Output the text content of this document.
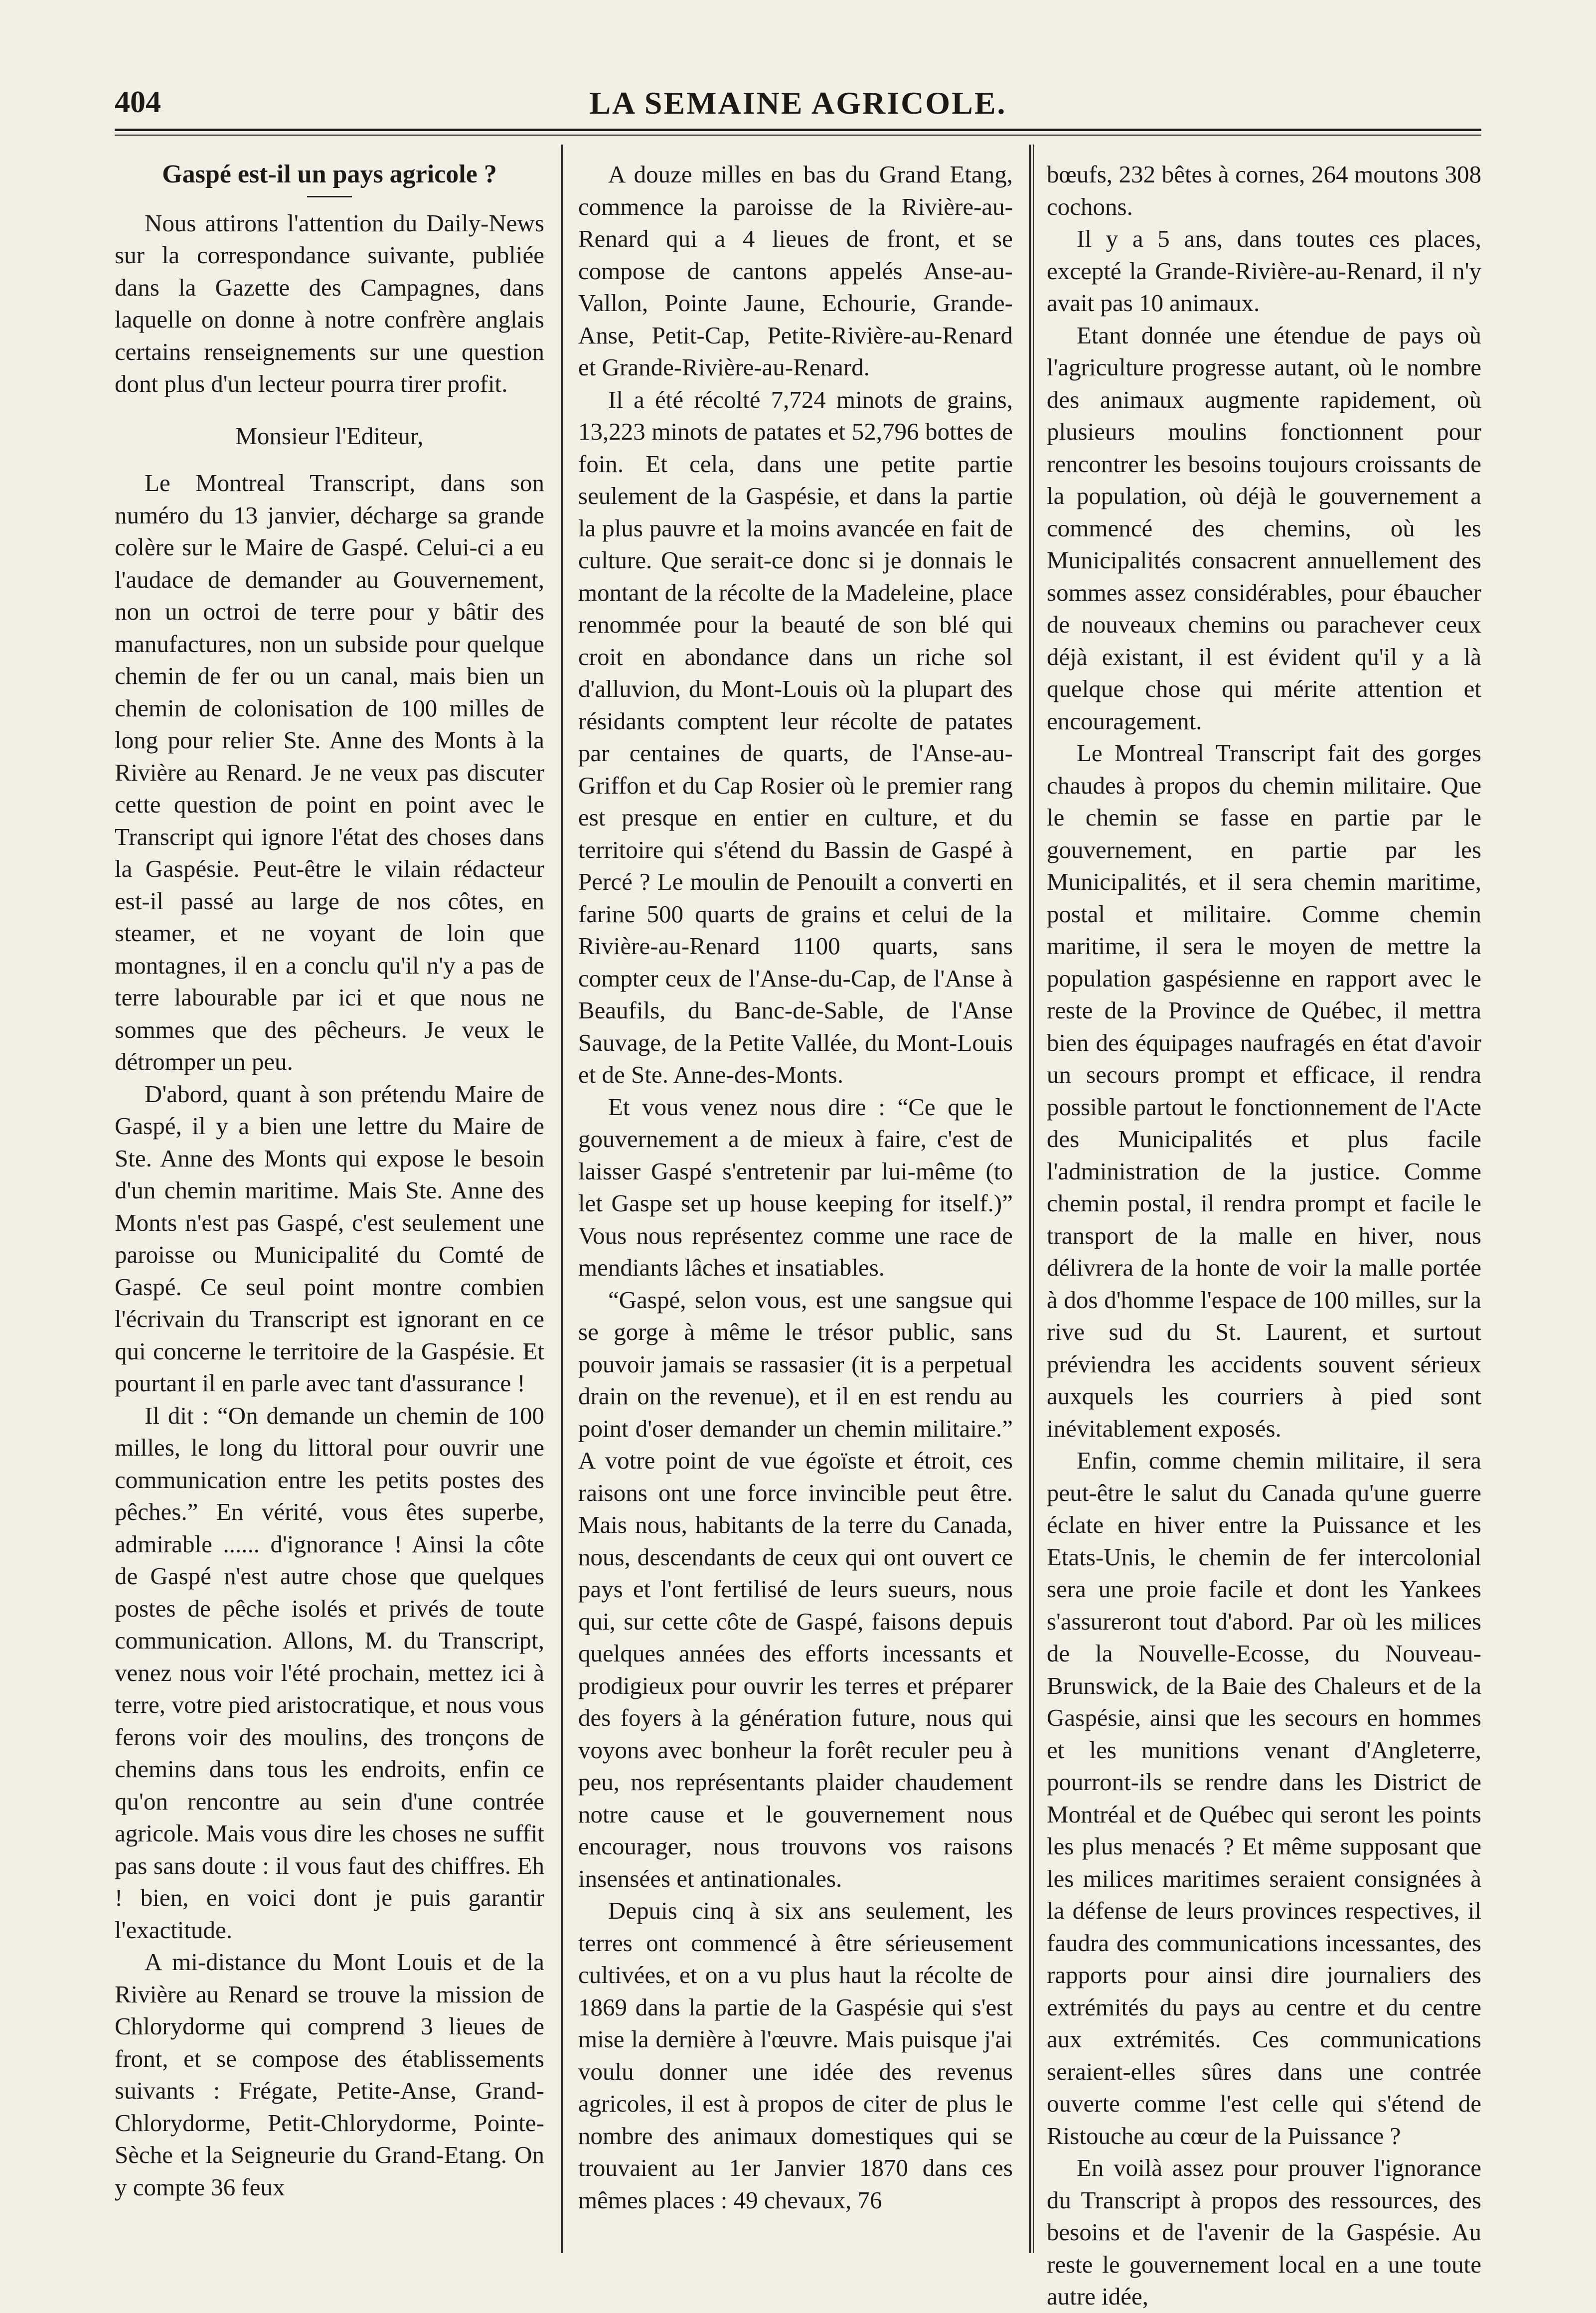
404	LA SEMAINE AGRICOLE.
Gaspé est-il un pays agricole ?

Nous attirons l'attention du Daily-News sur la correspondance suivante, publiée dans la Gazette des Campagnes, dans laquelle on donne à notre confrère anglais certains renseignements sur une question dont plus d'un lecteur pourra tirer profit.

Monsieur l'Editeur,

Le Montreal Transcript, dans son numéro du 13 janvier, décharge sa grande colère sur le Maire de Gaspé. Celui-ci a eu l'audace de demander au Gouvernement, non un octroi de terre pour y bâtir des manufactures, non un subside pour quelque chemin de fer ou un canal, mais bien un chemin de colonisation de 100 milles de long pour relier Ste. Anne des Monts à la Rivière au Renard. Je ne veux pas discuter cette question de point en point avec le Transcript qui ignore l'état des choses dans la Gaspésie. Peut-être le vilain rédacteur est-il passé au large de nos côtes, en steamer, et ne voyant de loin que montagnes, il en a conclu qu'il n'y a pas de terre labourable par ici et que nous ne sommes que des pêcheurs. Je veux le détromper un peu.

D'abord, quant à son prétendu Maire de Gaspé, il y a bien une lettre du Maire de Ste. Anne des Monts qui expose le besoin d'un chemin maritime. Mais Ste. Anne des Monts n'est pas Gaspé, c'est seulement une paroisse ou Municipalité du Comté de Gaspé. Ce seul point montre combien l'écrivain du Transcript est ignorant en ce qui concerne le territoire de la Gaspésie. Et pourtant il en parle avec tant d'assurance !

Il dit : “On demande un chemin de 100 milles, le long du littoral pour ouvrir une communication entre les petits postes des pêches.” En vérité, vous êtes superbe, admirable ...... d'ignorance ! Ainsi la côte de Gaspé n'est autre chose que quelques postes de pêche isolés et privés de toute communication. Allons, M. du Transcript, venez nous voir l'été prochain, mettez ici à terre, votre pied aristocratique, et nous vous ferons voir des moulins, des tronçons de chemins dans tous les endroits, enfin ce qu'on rencontre au sein d'une contrée agricole. Mais vous dire les choses ne suffit pas sans doute : il vous faut des chiffres. Eh ! bien, en voici dont je puis garantir l'exactitude.

A mi-distance du Mont Louis et de la Rivière au Renard se trouve la mission de Chlorydorme qui comprend 3 lieues de front, et se compose des établissements suivants : Frégate, Petite-Anse, Grand-Chlorydorme, Petit-Chlorydorme, Pointe-Sèche et la Seigneurie du Grand-Etang. On y compte 36 feux

A douze milles en bas du Grand Etang, commence la paroisse de la Rivière-au-Renard qui a 4 lieues de front, et se compose de cantons appelés Anse-au-Vallon, Pointe Jaune, Echourie, Grande-Anse, Petit-Cap, Petite-Rivière-au-Renard et Grande-Rivière-au-Renard.

Il a été récolté 7,724 minots de grains, 13,223 minots de patates et 52,796 bottes de foin. Et cela, dans une petite partie seulement de la Gaspésie, et dans la partie la plus pauvre et la moins avancée en fait de culture. Que serait-ce donc si je donnais le montant de la récolte de la Madeleine, place renommée pour la beauté de son blé qui croit en abondance dans un riche sol d'alluvion, du Mont-Louis où la plupart des résidants comptent leur récolte de patates par centaines de quarts, de l'Anse-au-Griffon et du Cap Rosier où le premier rang est presque en entier en culture, et du territoire qui s'étend du Bassin de Gaspé à Percé ? Le moulin de Penouilt a converti en farine 500 quarts de grains et celui de la Rivière-au-Renard 1100 quarts, sans compter ceux de l'Anse-du-Cap, de l'Anse à Beaufils, du Banc-de-Sable, de l'Anse Sauvage, de la Petite Vallée, du Mont-Louis et de Ste. Anne-des-Monts.

Et vous venez nous dire : “Ce que le gouvernement a de mieux à faire, c'est de laisser Gaspé s'entretenir par lui-même (to let Gaspe set up house keeping for itself.)” Vous nous représentez comme une race de mendiants lâches et insatiables.

“Gaspé, selon vous, est une sangsue qui se gorge à même le trésor public, sans pouvoir jamais se rassasier (it is a perpetual drain on the revenue), et il en est rendu au point d'oser demander un chemin militaire.” A votre point de vue égoïste et étroit, ces raisons ont une force invincible peut être. Mais nous, habitants de la terre du Canada, nous, descendants de ceux qui ont ouvert ce pays et l'ont fertilisé de leurs sueurs, nous qui, sur cette côte de Gaspé, faisons depuis quelques années des efforts incessants et prodigieux pour ouvrir les terres et préparer des foyers à la génération future, nous qui voyons avec bonheur la forêt reculer peu à peu, nos représentants plaider chaudement notre cause et le gouvernement nous encourager, nous trouvons vos raisons insensées et antinationales.

Depuis cinq à six ans seulement, les terres ont commencé à être sérieusement cultivées, et on a vu plus haut la récolte de 1869 dans la partie de la Gaspésie qui s'est mise la dernière à l'œuvre. Mais puisque j'ai voulu donner une idée des revenus agricoles, il est à propos de citer de plus le nombre des animaux domestiques qui se trouvaient au 1er Janvier 1870 dans ces mêmes places : 49 chevaux, 76

bœufs, 232 bêtes à cornes, 264 moutons 308 cochons.

Il y a 5 ans, dans toutes ces places, excepté la Grande-Rivière-au-Renard, il n'y avait pas 10 animaux.

Etant donnée une étendue de pays où l'agriculture progresse autant, où le nombre des animaux augmente rapidement, où plusieurs moulins fonctionnent pour rencontrer les besoins toujours croissants de la population, où déjà le gouvernement a commencé des chemins, où les Municipalités consacrent annuellement des sommes assez considérables, pour ébaucher de nouveaux chemins ou parachever ceux déjà existant, il est évident qu'il y a là quelque chose qui mérite attention et encouragement.

Le Montreal Transcript fait des gorges chaudes à propos du chemin militaire. Que le chemin se fasse en partie par le gouvernement, en partie par les Municipalités, et il sera chemin maritime, postal et militaire. Comme chemin maritime, il sera le moyen de mettre la population gaspésienne en rapport avec le reste de la Province de Québec, il mettra bien des équipages naufragés en état d'avoir un secours prompt et efficace, il rendra possible partout le fonctionnement de l'Acte des Municipalités et plus facile l'administration de la justice. Comme chemin postal, il rendra prompt et facile le transport de la malle en hiver, nous délivrera de la honte de voir la malle portée à dos d'homme l'espace de 100 milles, sur la rive sud du St. Laurent, et surtout préviendra les accidents souvent sérieux auxquels les courriers à pied sont inévitablement exposés.

Enfin, comme chemin militaire, il sera peut-être le salut du Canada qu'une guerre éclate en hiver entre la Puissance et les Etats-Unis, le chemin de fer intercolonial sera une proie facile et dont les Yankees s'assureront tout d'abord. Par où les milices de la Nouvelle-Ecosse, du Nouveau-Brunswick, de la Baie des Chaleurs et de la Gaspésie, ainsi que les secours en hommes et les munitions venant d'Angleterre, pourront-ils se rendre dans les District de Montréal et de Québec qui seront les points les plus menacés ? Et même supposant que les milices maritimes seraient consignées à la défense de leurs provinces respectives, il faudra des communications incessantes, des rapports pour ainsi dire journaliers des extrémités du pays au centre et du centre aux extrémités. Ces communications seraient-elles sûres dans une contrée ouverte comme l'est celle qui s'étend de Ristouche au cœur de la Puissance ?

En voilà assez pour prouver l'ignorance du Transcript à propos des ressources, des besoins et de l'avenir de la Gaspésie. Au reste le gouvernement local en a une toute autre idée,
